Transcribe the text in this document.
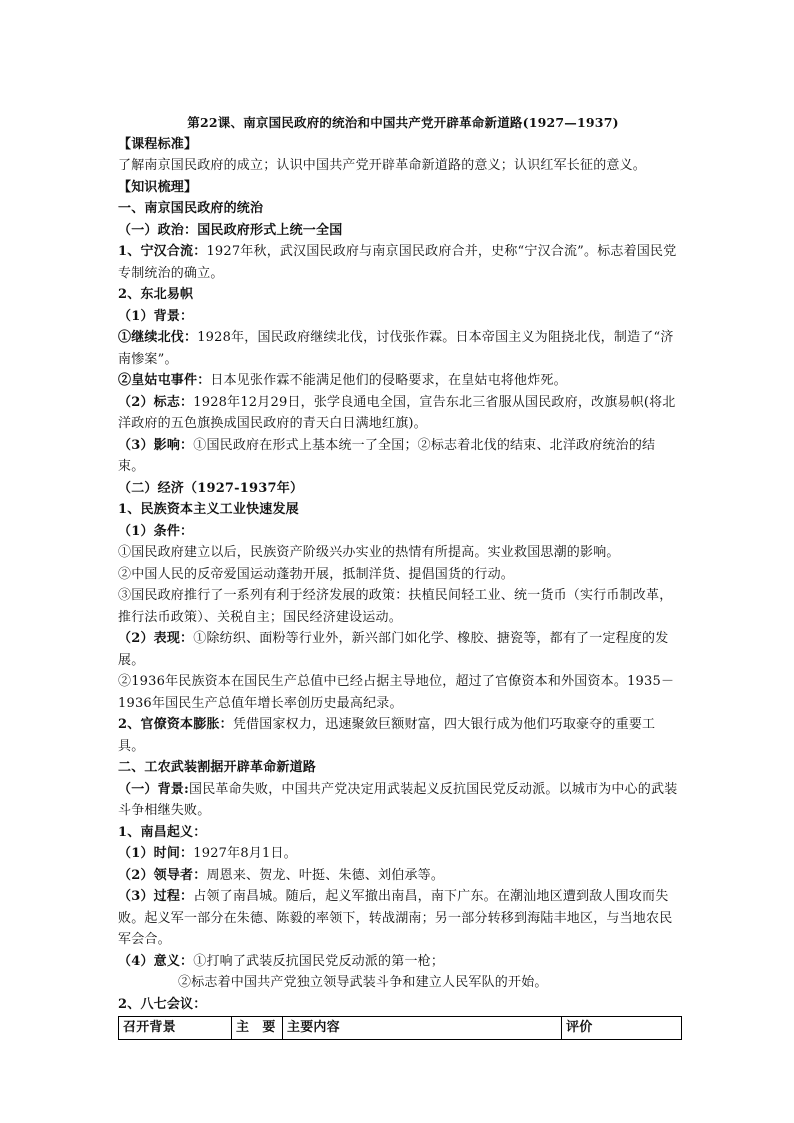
第22课、南京国民政府的统治和中国共产党开辟革命新道路(1927—1937)
【课程标准】
了解南京国民政府的成立；认识中国共产党开辟革命新道路的意义；认识红军长征的意义。
【知识梳理】
一、南京国民政府的统治
（一）政治：国民政府形式上统一全国
1、宁汉合流：1927年秋，武汉国民政府与南京国民政府合并，史称“宁汉合流”。标志着国民党专制统治的确立。
2、东北易帜
（1）背景：
①继续北伐：1928年，国民政府继续北伐，讨伐张作霖。日本帝国主义为阻挠北伐，制造了“济南惨案”。
②皇姑屯事件：日本见张作霖不能满足他们的侵略要求，在皇姑屯将他炸死。
（2）标志：1928年12月29日，张学良通电全国，宣告东北三省服从国民政府，改旗易帜(将北洋政府的五色旗换成国民政府的青天白日满地红旗)。
（3）影响：①国民政府在形式上基本统一了全国；②标志着北伐的结束、北洋政府统治的结束。
（二）经济（1927-1937年）
1、民族资本主义工业快速发展
（1）条件：
①国民政府建立以后，民族资产阶级兴办实业的热情有所提高。实业救国思潮的影响。
②中国人民的反帝爱国运动蓬勃开展，抵制洋货、提倡国货的行动。
③国民政府推行了一系列有利于经济发展的政策：扶植民间轻工业、统一货币（实行币制改革，推行法币政策）、关税自主；国民经济建设运动。
（2）表现：①除纺织、面粉等行业外，新兴部门如化学、橡胶、搪瓷等，都有了一定程度的发展。
②1936年民族资本在国民生产总值中已经占据主导地位，超过了官僚资本和外国资本。1935－1936年国民生产总值年增长率创历史最高纪录。
2、官僚资本膨胀：凭借国家权力，迅速聚敛巨额财富，四大银行成为他们巧取豪夺的重要工具。
二、工农武装割据开辟革命新道路
（一）背景:国民革命失败，中国共产党决定用武装起义反抗国民党反动派。以城市为中心的武装斗争相继失败。
1、南昌起义：
（1）时间：1927年8月1日。
（2）领导者：周恩来、贺龙、叶挺、朱德、刘伯承等。
（3）过程：占领了南昌城。随后，起义军撤出南昌，南下广东。在潮汕地区遭到敌人围攻而失败。起义军一部分在朱德、陈毅的率领下，转战湖南；另一部分转移到海陆丰地区，与当地农民军会合。
（4）意义：①打响了武装反抗国民党反动派的第一枪；
②标志着中国共产党独立领导武装斗争和建立人民军队的开始。
2、八七会议：
召开背景	主　要	主要内容	评价
